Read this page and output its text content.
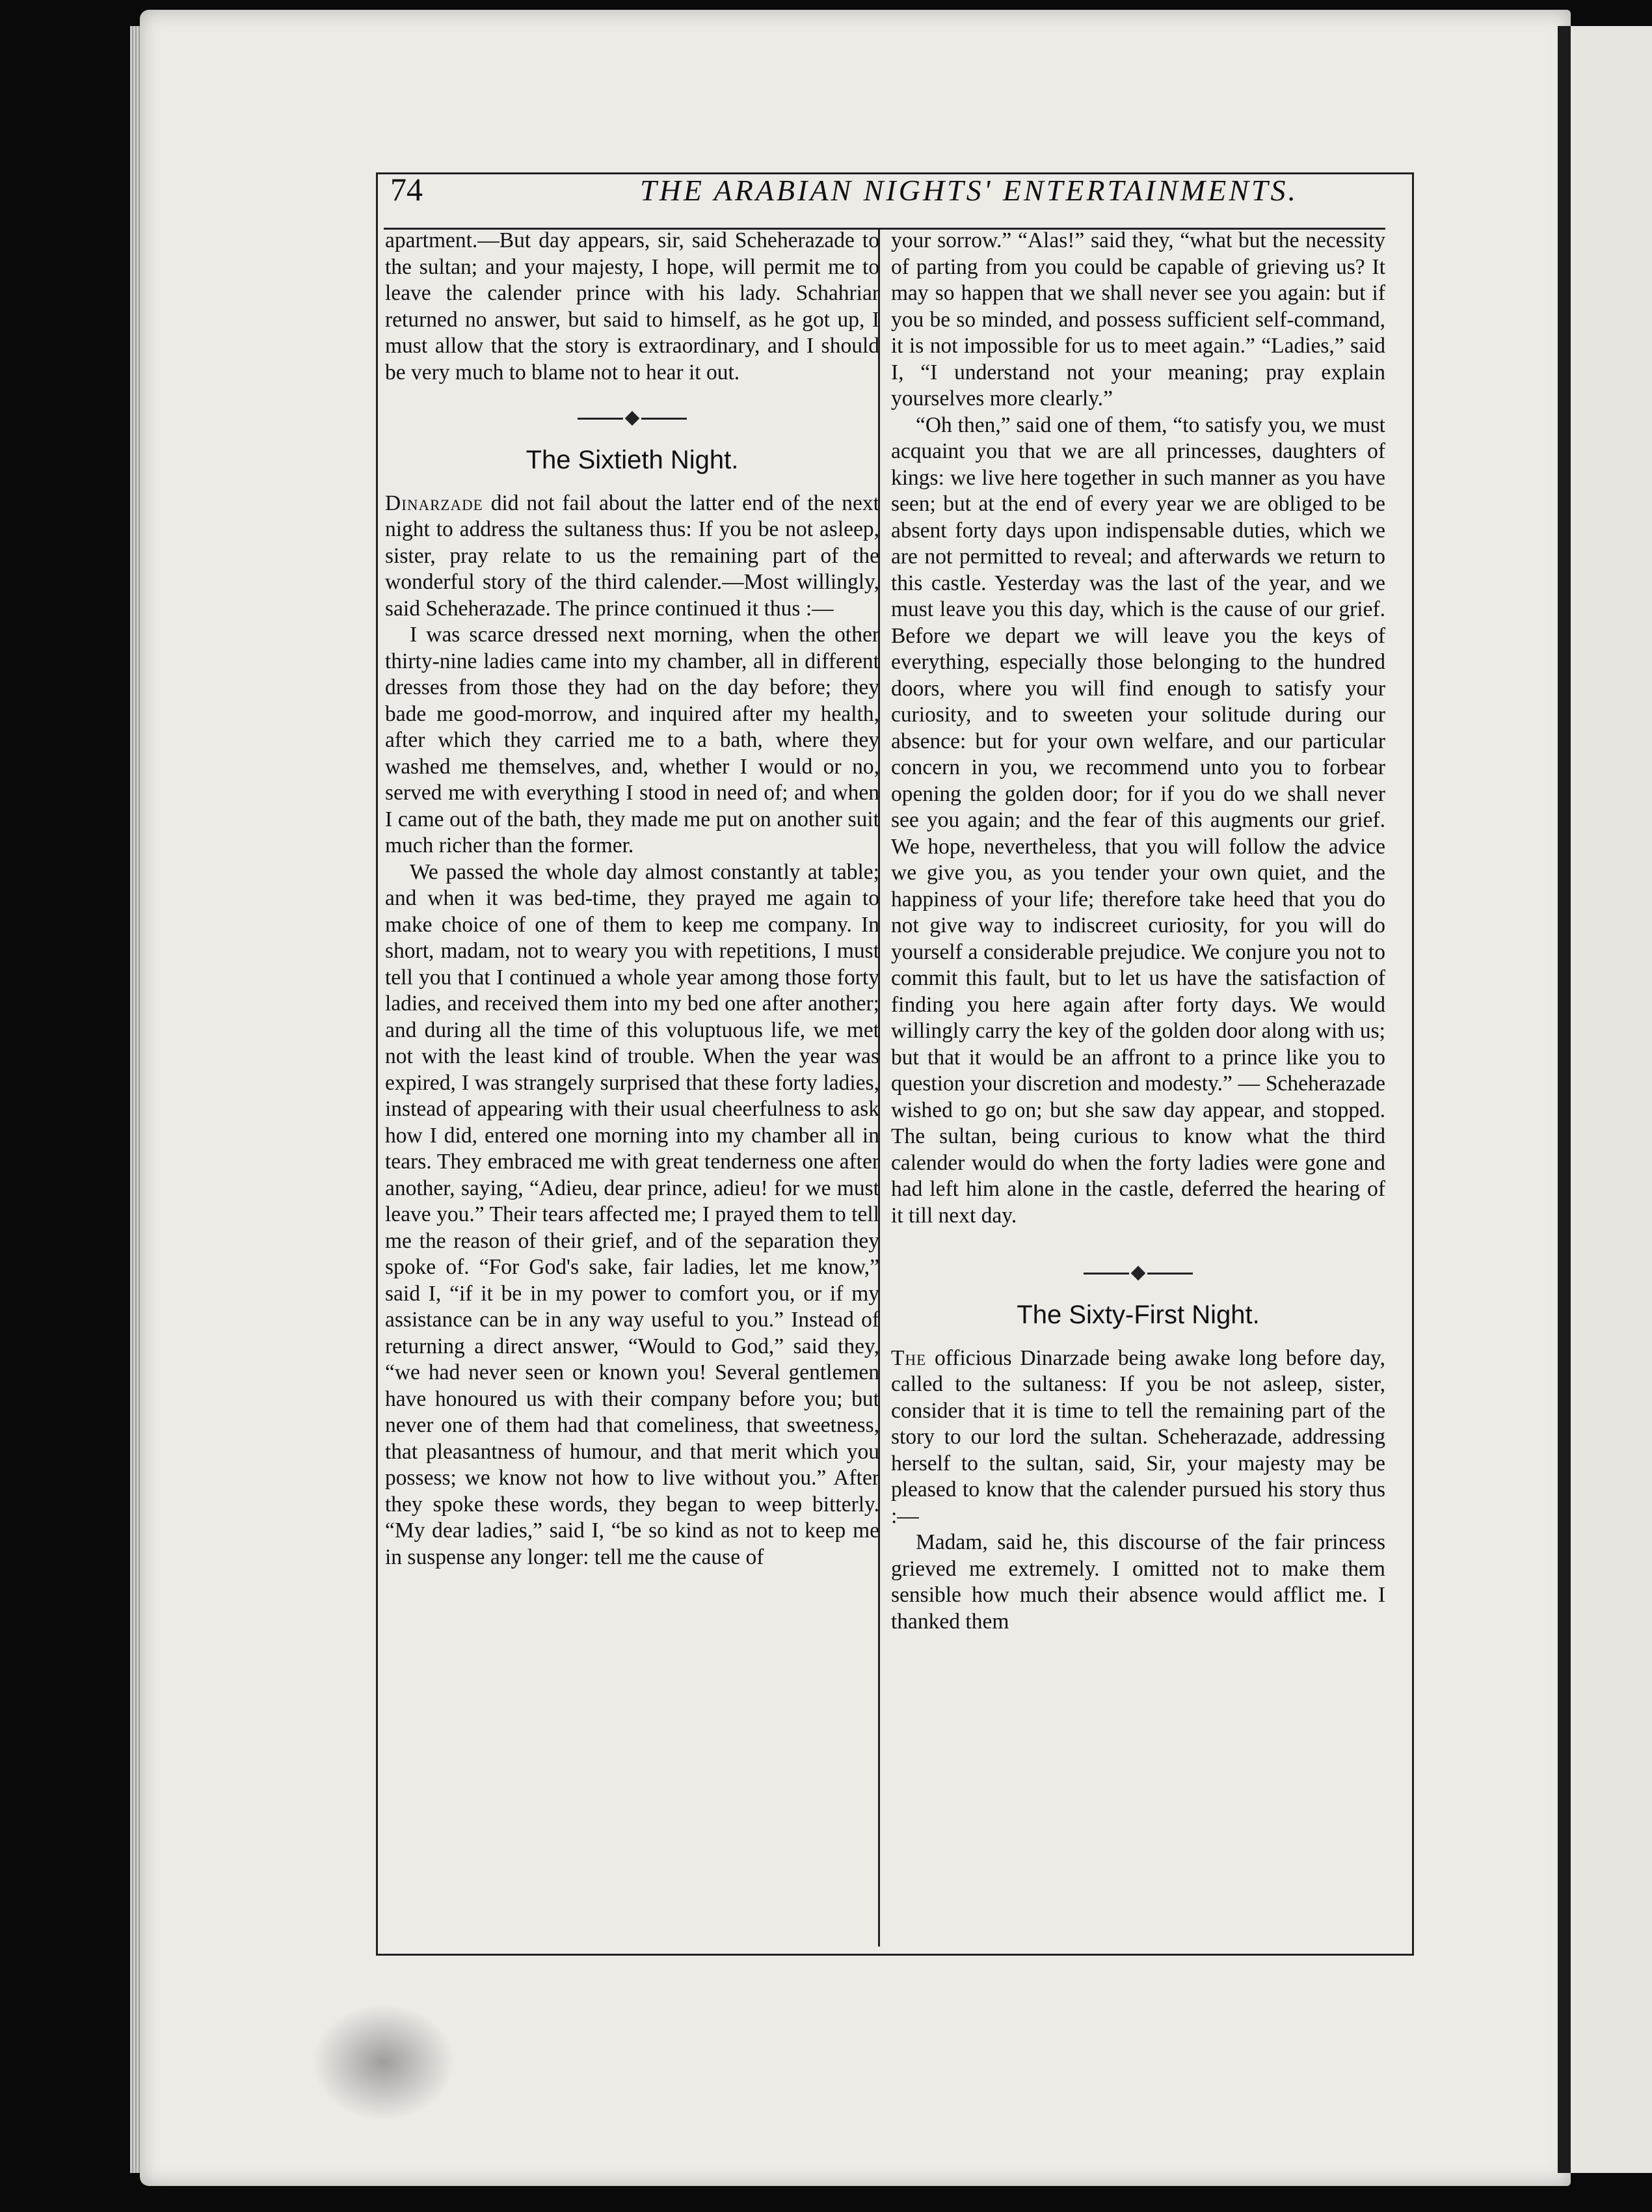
74	THE ARABIAN NIGHTS' ENTERTAINMENTS.

apartment.—But day appears, sir, said Scheherazade to the sultan; and your majesty, I hope, will permit me to leave the calender prince with his lady. Schahriar returned no answer, but said to himself, as he got up, I must allow that the story is extraordinary, and I should be very much to blame not to hear it out.

The Sixtieth Night.

Dinarzade did not fail about the latter end of the next night to address the sultaness thus: If you be not asleep, sister, pray relate to us the remaining part of the wonderful story of the third calender.—Most willingly, said Scheherazade. The prince continued it thus :—

I was scarce dressed next morning, when the other thirty-nine ladies came into my chamber, all in different dresses from those they had on the day before; they bade me good-morrow, and inquired after my health, after which they carried me to a bath, where they washed me themselves, and, whether I would or no, served me with everything I stood in need of; and when I came out of the bath, they made me put on another suit much richer than the former.

We passed the whole day almost constantly at table; and when it was bed-time, they prayed me again to make choice of one of them to keep me company. In short, madam, not to weary you with repetitions, I must tell you that I continued a whole year among those forty ladies, and received them into my bed one after another; and during all the time of this voluptuous life, we met not with the least kind of trouble. When the year was expired, I was strangely surprised that these forty ladies, instead of appearing with their usual cheerfulness to ask how I did, entered one morning into my chamber all in tears. They embraced me with great tenderness one after another, saying, “Adieu, dear prince, adieu! for we must leave you.” Their tears affected me; I prayed them to tell me the reason of their grief, and of the separation they spoke of. “For God's sake, fair ladies, let me know,” said I, “if it be in my power to comfort you, or if my assistance can be in any way useful to you.” Instead of returning a direct answer, “Would to God,” said they, “we had never seen or known you! Several gentlemen have honoured us with their company before you; but never one of them had that comeliness, that sweetness, that pleasantness of humour, and that merit which you possess; we know not how to live without you.” After they spoke these words, they began to weep bitterly. “My dear ladies,” said I, “be so kind as not to keep me in suspense any longer: tell me the cause of

your sorrow.” “Alas!” said they, “what but the necessity of parting from you could be capable of grieving us? It may so happen that we shall never see you again: but if you be so minded, and possess sufficient self-command, it is not impossible for us to meet again.” “Ladies,” said I, “I understand not your meaning; pray explain yourselves more clearly.”

“Oh then,” said one of them, “to satisfy you, we must acquaint you that we are all princesses, daughters of kings: we live here together in such manner as you have seen; but at the end of every year we are obliged to be absent forty days upon indispensable duties, which we are not permitted to reveal; and afterwards we return to this castle. Yesterday was the last of the year, and we must leave you this day, which is the cause of our grief. Before we depart we will leave you the keys of everything, especially those belonging to the hundred doors, where you will find enough to satisfy your curiosity, and to sweeten your solitude during our absence: but for your own welfare, and our particular concern in you, we recommend unto you to forbear opening the golden door; for if you do we shall never see you again; and the fear of this augments our grief. We hope, nevertheless, that you will follow the advice we give you, as you tender your own quiet, and the happiness of your life; therefore take heed that you do not give way to indiscreet curiosity, for you will do yourself a considerable prejudice. We conjure you not to commit this fault, but to let us have the satisfaction of finding you here again after forty days. We would willingly carry the key of the golden door along with us; but that it would be an affront to a prince like you to question your discretion and modesty.” — Scheherazade wished to go on; but she saw day appear, and stopped. The sultan, being curious to know what the third calender would do when the forty ladies were gone and had left him alone in the castle, deferred the hearing of it till next day.

The Sixty-First Night.

The officious Dinarzade being awake long before day, called to the sultaness: If you be not asleep, sister, consider that it is time to tell the remaining part of the story to our lord the sultan. Scheherazade, addressing herself to the sultan, said, Sir, your majesty may be pleased to know that the calender pursued his story thus :—

Madam, said he, this discourse of the fair princess grieved me extremely. I omitted not to make them sensible how much their absence would afflict me. I thanked them
